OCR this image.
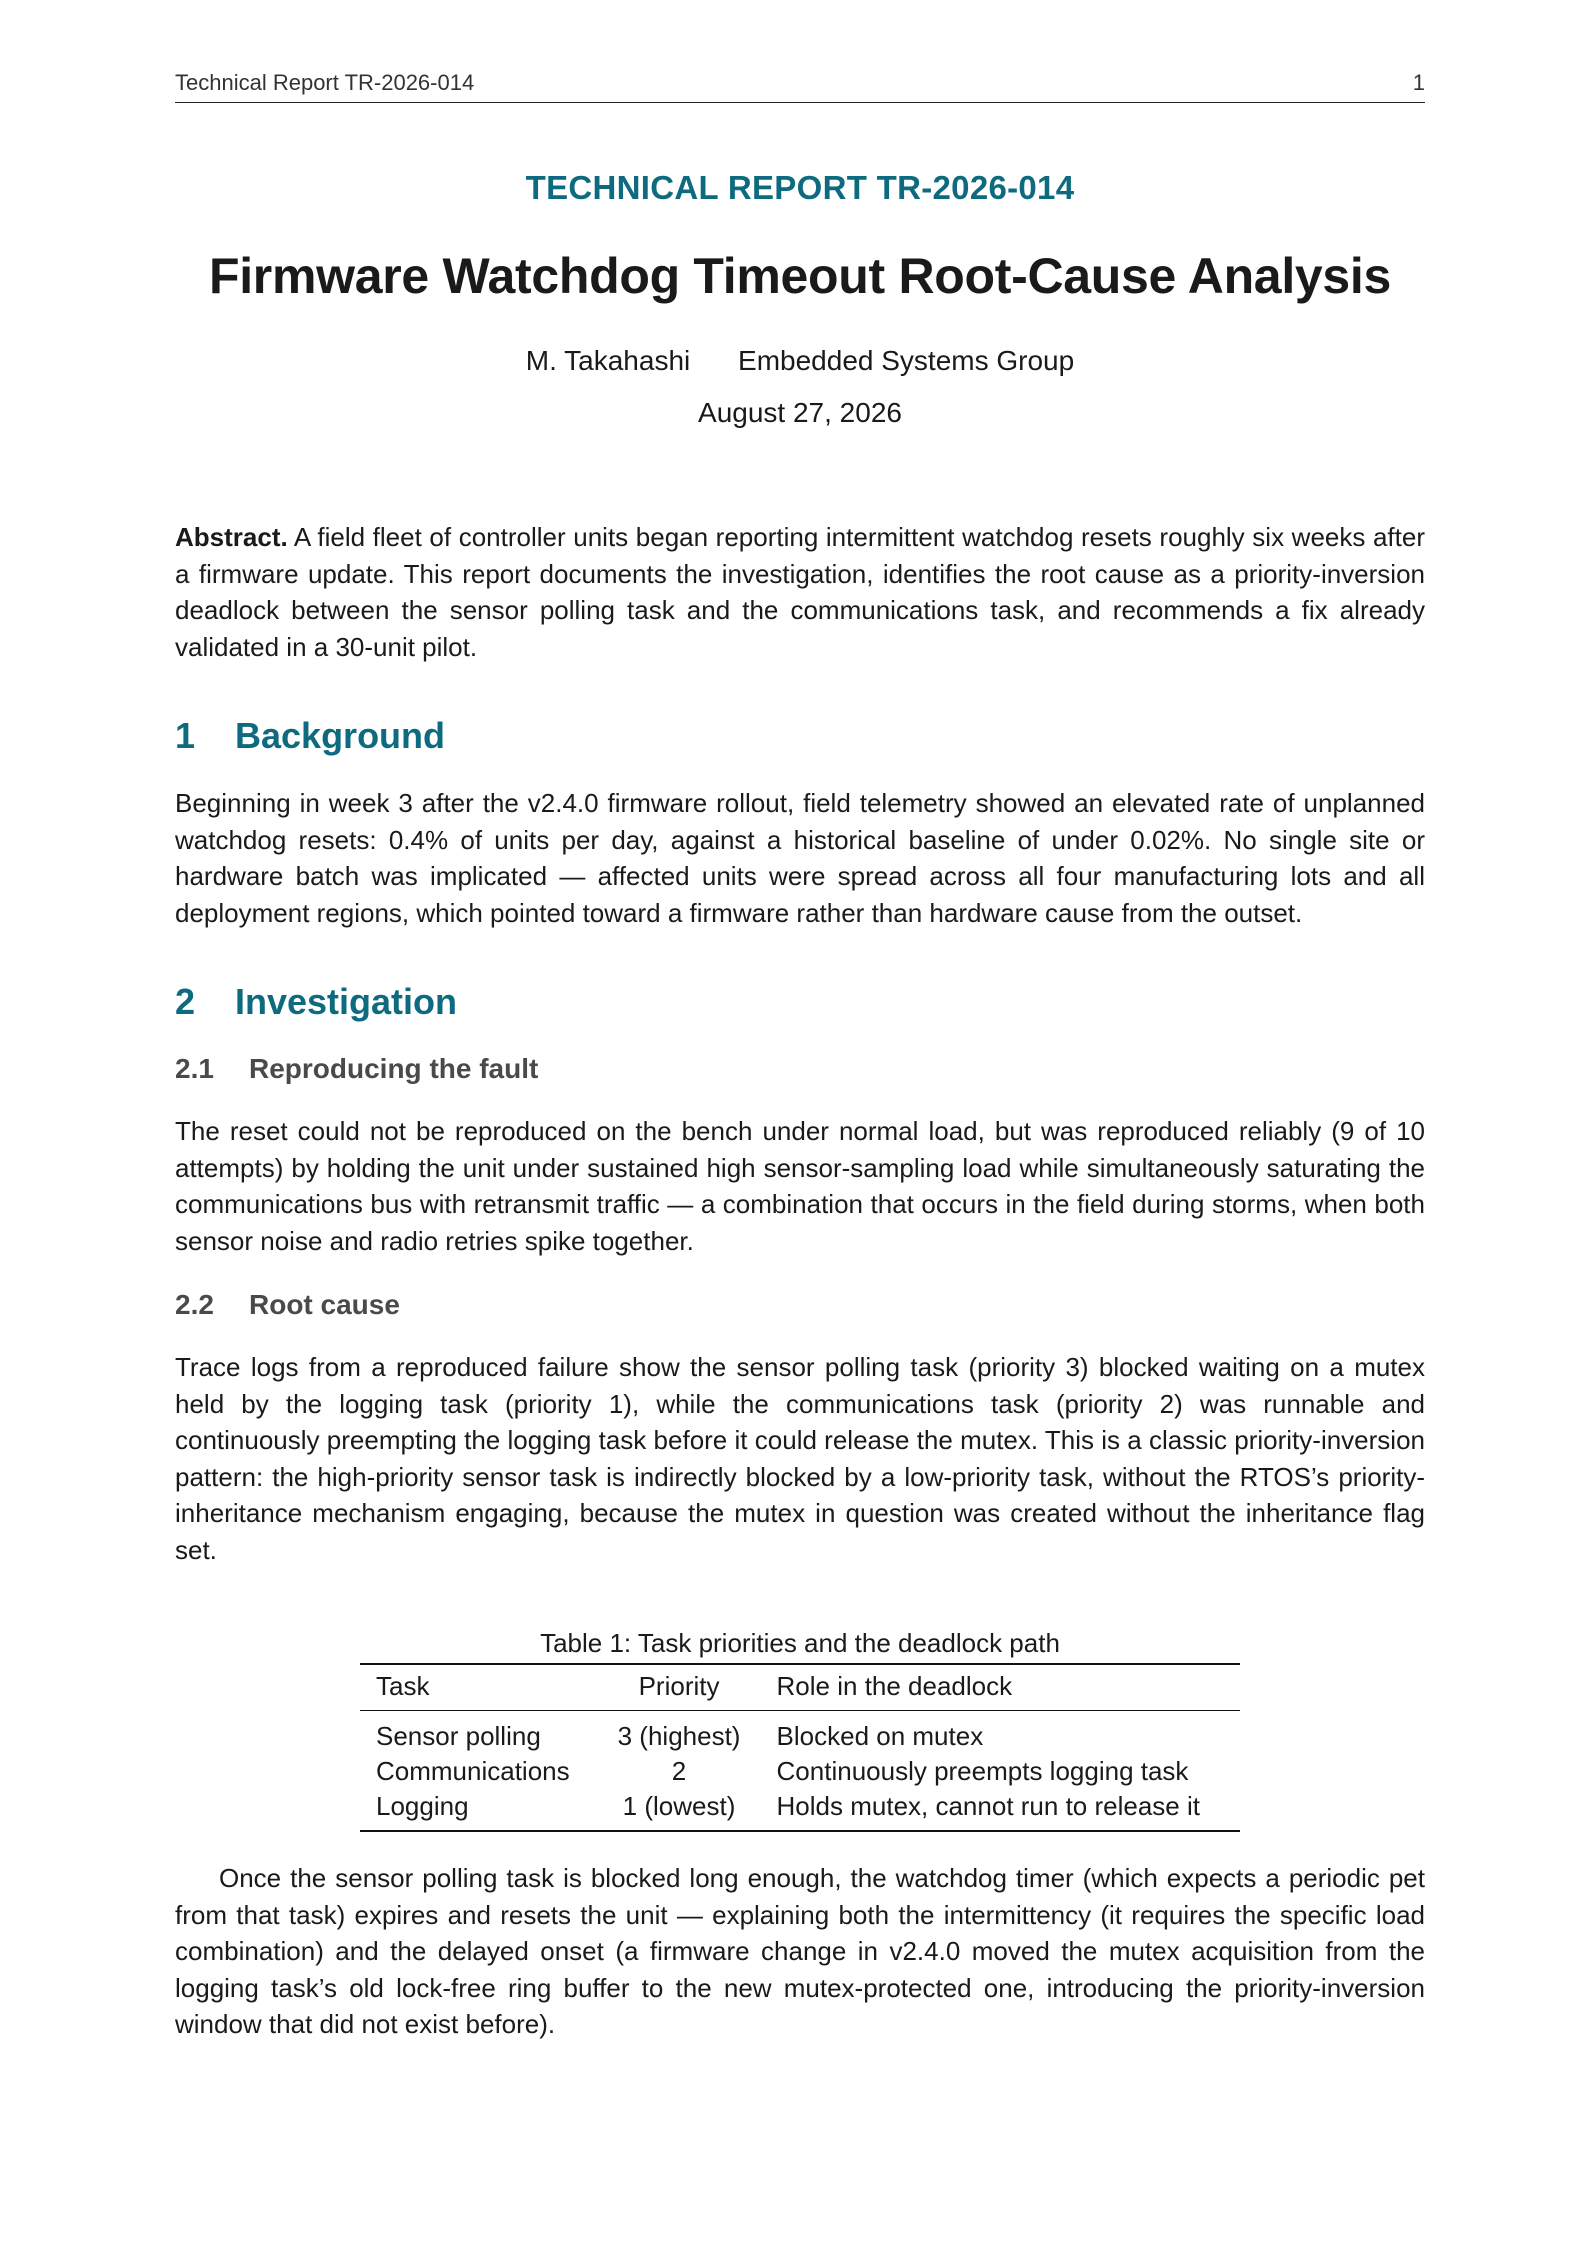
Technical Report TR-2026-014	1
TECHNICAL REPORT TR-2026-014
Firmware Watchdog Timeout Root-Cause Analysis
M. Takahashi Embedded Systems Group
August 27, 2026
Abstract. A field fleet of controller units began reporting intermittent watchdog resets roughly six weeks after a firmware update. This report documents the investigation, identifies the root cause as a priority-inversion deadlock between the sensor polling task and the communications task, and recommends a fix already validated in a 30-unit pilot.
1	Background

Beginning in week 3 after the v2.4.0 firmware rollout, field telemetry showed an elevated rate of unplanned watchdog resets: 0.4% of units per day, against a historical baseline of under 0.02%. No single site or hardware batch was implicated — affected units were spread across all four manufacturing lots and all deployment regions, which pointed toward a firmware rather than hardware cause from the outset.

2	Investigation
2.1	Reproducing the fault

The reset could not be reproduced on the bench under normal load, but was reproduced reliably (9 of 10 attempts) by holding the unit under sustained high sensor-sampling load while simultaneously saturating the communications bus with retransmit traffic — a combination that occurs in the field during storms, when both sensor noise and radio retries spike together.

2.2	Root cause

Trace logs from a reproduced failure show the sensor polling task (priority 3) blocked waiting on a mutex held by the logging task (priority 1), while the communications task (priority 2) was runnable and continuously preempting the logging task before it could release the mutex. This is a classic priority-inversion pattern: the high-priority sensor task is indirectly blocked by a low-priority task, without the RTOS’s priority-inheritance mechanism engaging, because the mutex in question was created without the inheritance flag set.

Table 1: Task priorities and the deadlock path
Task	Priority	Role in the deadlock
Sensor polling	3 (highest)	Blocked on mutex
Communications	2	Continuously preempts logging task
Logging	1 (lowest)	Holds mutex, cannot run to release it

Once the sensor polling task is blocked long enough, the watchdog timer (which expects a periodic pet from that task) expires and resets the unit — explaining both the intermittency (it requires the specific load combination) and the delayed onset (a firmware change in v2.4.0 moved the mutex acquisition from the logging task’s old lock-free ring buffer to the new mutex-protected one, introducing the priority-inversion window that did not exist before).
